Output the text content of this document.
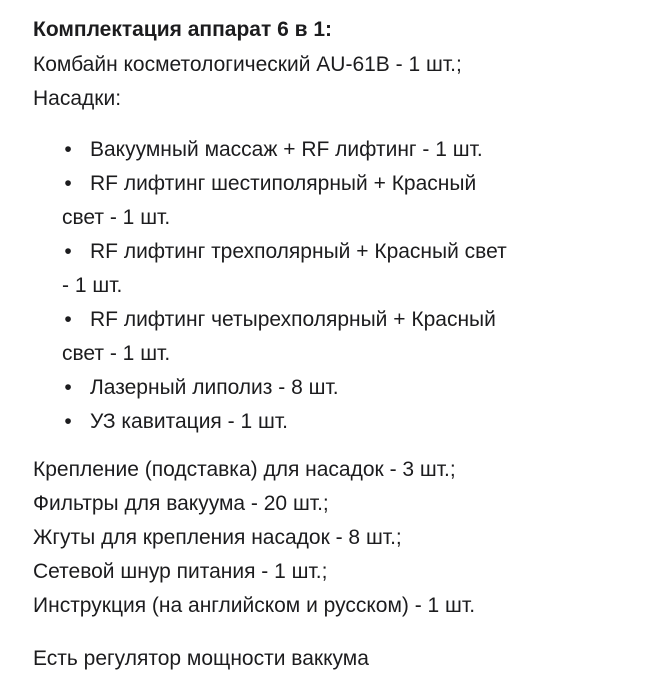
Комплектация аппарат 6 в 1:
Комбайн косметологический AU-61B - 1 шт.;
Насадки:
• Вакуумный массаж + RF лифтинг - 1 шт.
• RF лифтинг шестиполярный + Красный
свет - 1 шт.
• RF лифтинг трехполярный + Красный свет
- 1 шт.
• RF лифтинг четырехполярный + Красный
свет - 1 шт.
• Лазерный липолиз - 8 шт.
• УЗ кавитация - 1 шт.
Крепление (подставка) для насадок - 3 шт.;
Фильтры для вакуума - 20 шт.;
Жгуты для крепления насадок - 8 шт.;
Сетевой шнур питания - 1 шт.;
Инструкция (на английском и русском) - 1 шт.
Есть регулятор мощности ваккума
